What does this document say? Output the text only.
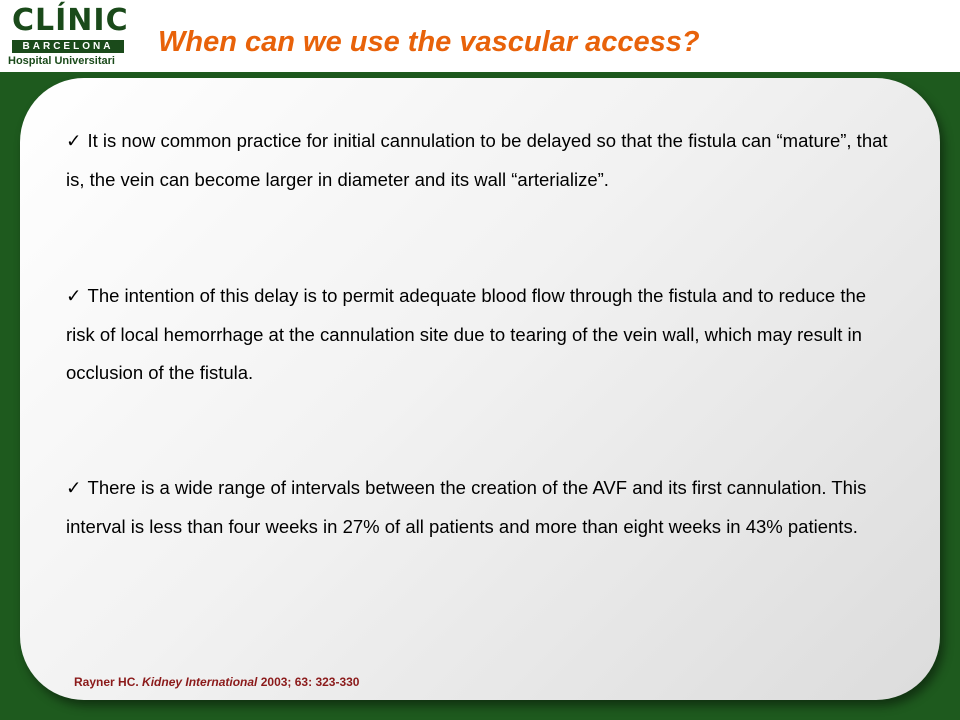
CLÍNIC
BARCELONA
Hospital Universitari
When can we use the vascular access?
✓ It is now common practice for initial cannulation to be delayed so that the fistula can “mature”, that is, the vein can become larger in diameter and its wall “arterialize”.
✓ The intention of this delay is to permit adequate blood flow through the fistula and to reduce the risk of local hemorrhage at the cannulation site due to tearing of the vein wall, which may result in occlusion of the fistula.
✓ There is a wide range of intervals between the creation of the AVF and its first cannulation. This interval is less than four weeks in 27% of all patients and more than eight weeks in 43% patients.
Rayner HC. Kidney International 2003; 63: 323-330
